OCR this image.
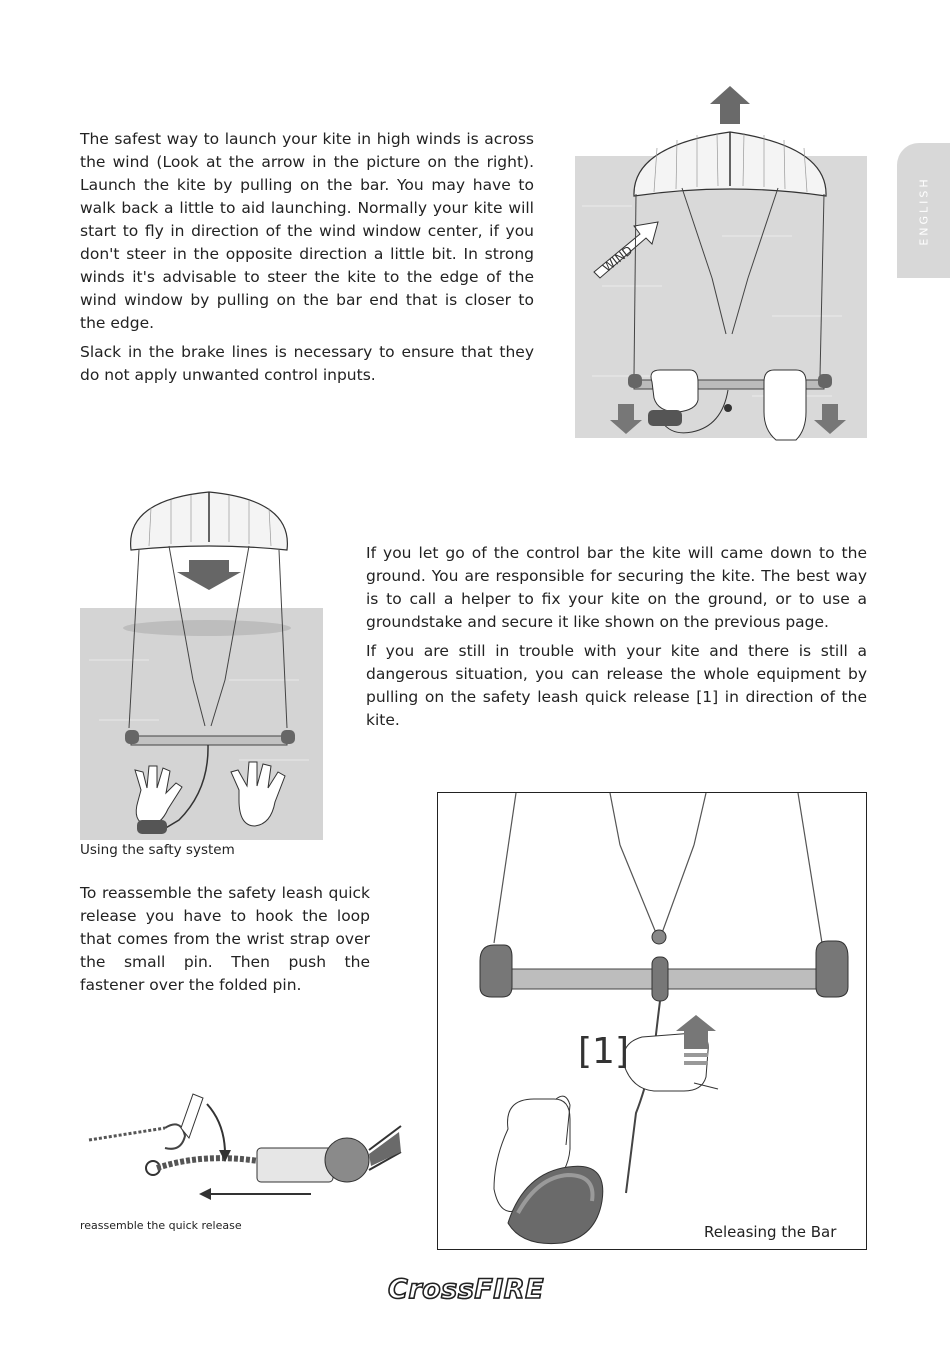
ENGLISH

The safest way to launch your kite in high winds is across the wind (Look at the arrow in the picture on the right). Launch the kite by pulling on the bar. You may have to walk back a little to aid launching. Normally your kite will start to fly in direction of the wind window center, if you don't steer in the opposite direction a little bit. In strong winds it's advisable to steer the kite to the edge of the wind window by pulling on the bar end that is closer to the edge.

Slack in the brake lines is necessary to ensure that they do not apply unwanted control inputs.

WIND
Using the safty system

If you let go of the control bar the kite will came down to the ground. You are responsible for securing the kite. The best way is to call a helper to fix your kite on the ground, or to use a groundstake and secure it like shown on the previous page.

If you are still in trouble with your kite and there is still a dangerous situation, you can release the whole equipment by pulling on the safety leash quick release [1] in direction of the kite.

To reassemble the safety leash quick release you have to hook the loop that comes from the wrist strap over the small pin. Then push the fastener over the folded pin.

reassemble the quick release
[1]
Releasing the Bar
CrossFIRE
